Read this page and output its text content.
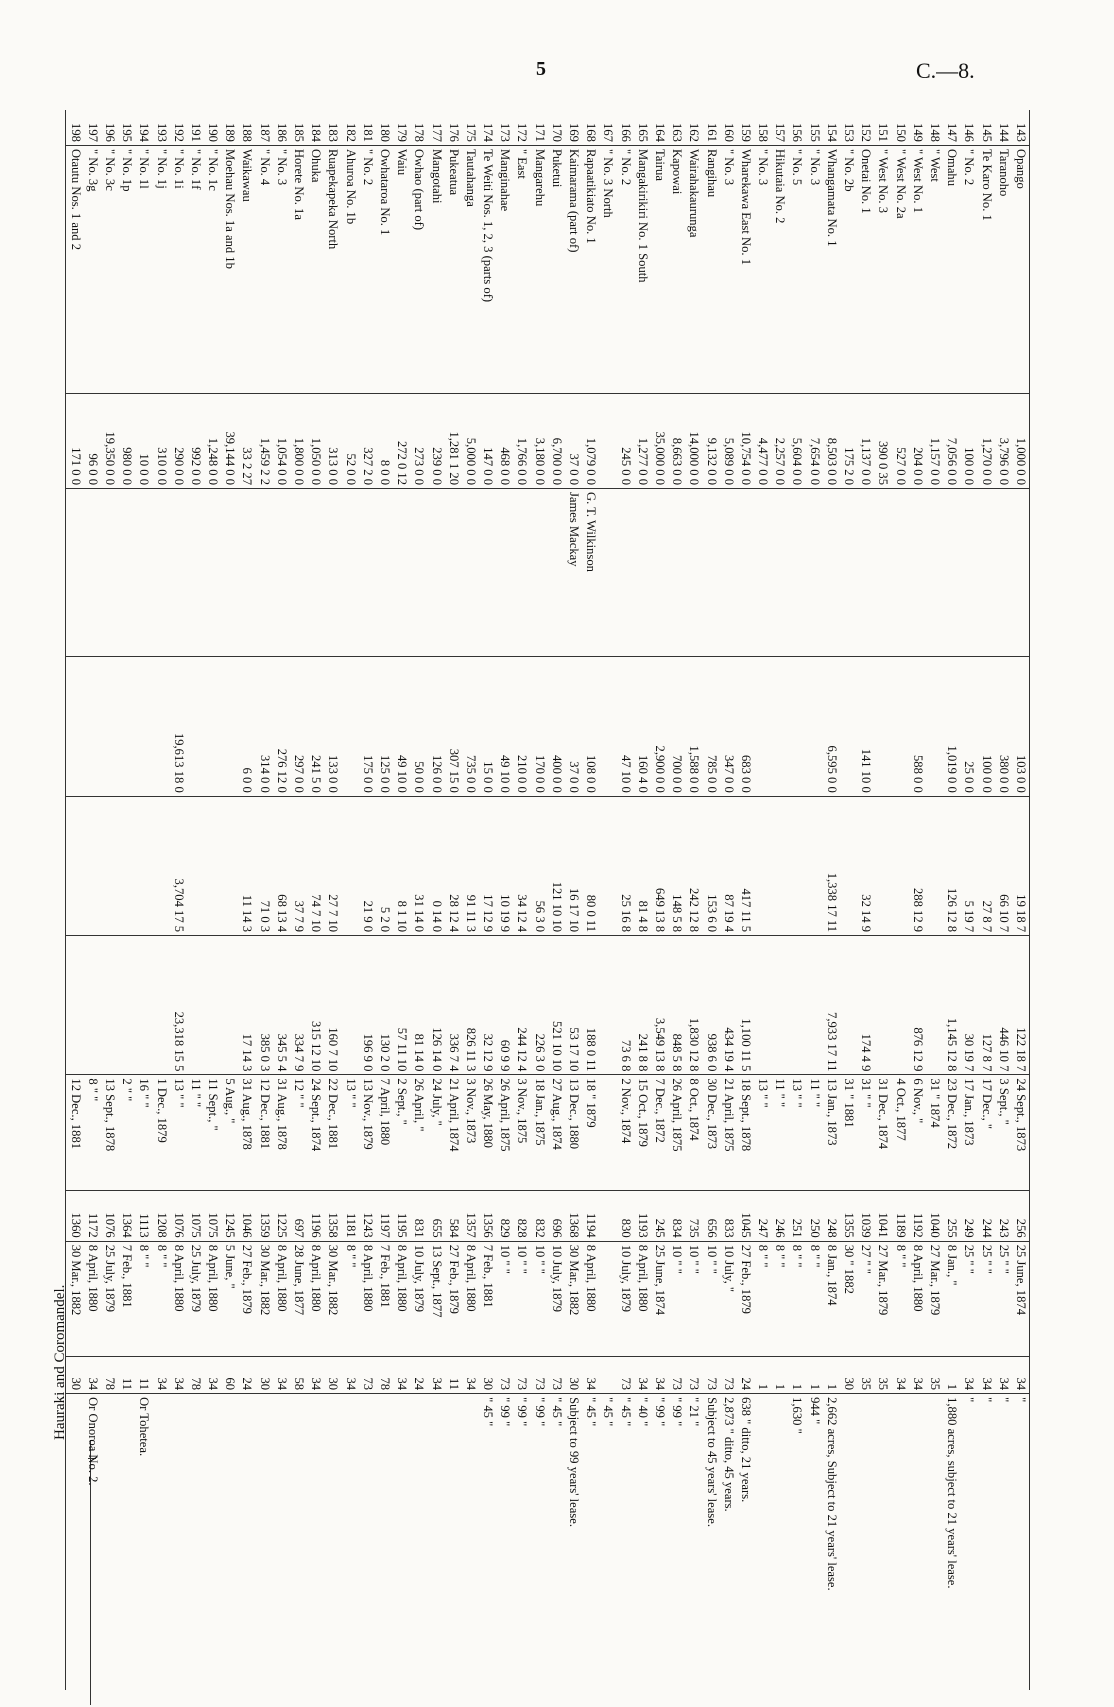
5	C.—8.
Hauraki and Coromandel.
143	Opango	1,000 0 0		103 0 0	19 18 7	122 18 7	24 Sept., 1873	256	25 June, 1874	34	"
144	Taranoho	3,796 0 0		380 0 0	66 10 7	446 10 7	3 Sept., "	243	25 " "	34	"
145	Te Karo No. 1	1,270 0 0		100 0 0	27 8 7	127 8 7	17 Dec., "	244	25 " "	34	"
146	" No. 2	100 0 0		25 0 0	5 19 7	30 19 7	17 Jan., 1873	249	25 " "	34	"
147	Omahu	7,056 0 0		1,019 0 0	126 12 8	1,145 12 8	23 Dec., 1872	255	8 Jan., "	1	1,880 acres, subject to 21 years' lease.
148	" West	1,157 0 0					31 " 1874	1040	27 Mar., 1879	35	
149	" West No. 1	204 0 0		588 0 0	288 12 9	876 12 9	6 Nov., "	1192	8 April, 1880	34	
150	" West No. 2a	527 0 0					4 Oct., 1877	1189	8 " "	34	
151	" West No. 3	390 0 35					31 Dec., 1874	1041	27 Mar., 1879	35	
152	Onetai No. 1	1,137 0 0		141 10 0	32 14 9	174 4 9	31 " "	1039	27 " "	35	
153	" No. 2b	175 2 0					31 " 1881	1355	30 " 1882	30	
154	Whangamata No. 1	8,503 0 0		6,595 0 0	1,338 17 11	7,933 17 11	13 Jan., 1873	248	8 Jan., 1874	1	2,662 acres, Subject to 21 years' lease.
155	" No. 3	7,654 0 0					11 " "	250	8 " "	1	944 "
156	" No. 5	5,604 0 0					13 " "	251	8 " "	1	1,630 "
157	Hikutaia No. 2	2,257 0 0					11 " "	246	8 " "	1	
158	" No. 3	4,477 0 0					13 " "	247	8 " "	1	
159	Wharekawa East No. 1	10,754 0 0		683 0 0	417 11 5	1,100 11 5	18 Sept., 1878	1045	27 Feb., 1879	24	638 " ditto, 21 years.
160	" No. 3	5,089 0 0		347 0 0	87 19 4	434 19 4	21 April, 1875	833	10 July, "	73	2,873 " ditto, 45 years.
161	Rangihau	9,132 0 0		785 0 0	153 6 0	938 6 0	30 Dec., 1873	656	10 " "	73	Subject to 45 years' lease.
162	Wairahakaurunga	14,000 0 0		1,588 0 0	242 12 8	1,830 12 8	8 Oct., 1874	735	10 " "	73	" 21 "
163	Kapowai	8,663 0 0		700 0 0	148 5 8	848 5 8	26 April, 1875	834	10 " "	73	" 99 "
164	Tairua	35,000 0 0		2,900 0 0	649 13 8	3,549 13 8	7 Dec., 1872	245	25 June, 1874	34	" 99 "
165	Mangakirikiri No. 1 South	1,277 0 0		160 4 0	81 4 8	241 8 8	15 Oct., 1879	1193	8 April, 1880	34	" 40 "
166	" No. 2	245 0 0		47 10 0	25 16 8	73 6 8	2 Nov., 1874	830	10 July, 1879	73	" 45 "
167	" No. 3 North										" 45 "
168	Rapaatikiato No. 1	1,079 0 0	G. T. Wilkinson	108 0 0	80 0 11	188 0 11	18 " 1879	1194	8 April, 1880	34	" 45 "
169	Kaimarama (part of)	37 0 0	James Mackay	37 0 0	16 17 10	53 17 10	13 Dec., 1880	1368	30 Mar., 1882	30	Subject to 99 years' lease.
170	Puketui	6,700 0 0		400 0 0	121 10 10	521 10 10	27 Aug., 1874	696	10 July, 1879	73	" 45 "
171	Mangarehu	3,180 0 0		170 0 0	56 3 0	226 3 0	18 Jan., 1875	832	10 " "	73	" 99 "
172	" East	1,766 0 0		210 0 0	34 12 4	244 12 4	3 Nov., 1875	828	10 " "	73	" 99 "
173	Manginahae	468 0 0		49 10 0	10 19 9	60 9 9	26 April, 1875	829	10 " "	73	" 99 "
174	Te Weiti Nos. 1, 2, 3 (parts of)	147 0 0		15 0 0	17 12 9	32 12 9	26 May, 1880	1356	7 Feb., 1881	30	" 45 "
175	Tautahanga	5,000 0 0		735 0 0	91 11 3	826 11 3	3 Nov., 1873	1357	8 April, 1880	34	
176	Pukeatua	1,281 1 20		307 15 0	28 12 4	336 7 4	21 April, 1874	584	27 Feb., 1879	11	
177	Mangotahi	239 0 0		126 0 0	0 14 0	126 14 0	24 July, "	655	13 Sept., 1877	34	
178	Owhao (part of)	273 0 0		50 0 0	31 14 0	81 14 0	26 April, "	831	10 July, 1879	24	
179	Waiu	272 0 12		49 10 0	8 1 10	57 11 10	2 Sept., "	1195	8 April, 1880	34	
180	Owhataroa No. 1	8 0 0		125 0 0	5 2 0	130 2 0	7 April, 1880	1197	7 Feb., 1881	78	
181	" No. 2	327 2 0		175 0 0	21 9 0	196 9 0	13 Nov., 1879	1243	8 April, 1880	73	
182	Ahuroa No. 1b	52 0 0					13 " "	1181	8 " "	34	
183	Ruapekapeka North	313 0 0		133 0 0	27 7 10	160 7 10	22 Dec., 1881	1358	30 Mar., 1882	30	
184	Ohuka	1,050 0 0		241 5 0	74 7 10	315 12 10	24 Sept., 1874	1196	8 April, 1880	34	
185	Horete No. 1a	1,800 0 0		297 0 0	37 7 9	334 7 9	12 " "	697	28 June, 1877	58	
186	" No. 3	1,054 0 0		276 12 0	68 13 4	345 5 4	31 Aug., 1878	1225	8 April, 1880	34	
187	" No. 4	1,459 2 2		314 0 0	71 0 3	385 0 3	12 Dec., 1881	1359	30 Mar., 1882	30	
188	Waikawau	33 2 27		6 0 0	11 14 3	17 14 3	31 Aug., 1878	1046	27 Feb., 1879	24	
189	Moehau Nos. 1a and 1b	39,144 0 0					5 Aug., "	1245	5 June, "	60	
190	" No. 1c	1,248 0 0					11 Sept., "	1075	8 April, 1880	34	
191	" No. 1f	992 0 0					11 " "	1075	25 July, 1879	78	
192	" No. 1i	290 0 0		19,613 18 0	3,704 17 5	23,318 15 5	13 " "	1076	8 April, 1880	34	
193	" No. 1j	310 0 0					1 Dec., 1879	1208	8 " "	34	
194	" No. 1l	10 0 0					16 " "	1113	8 " "	11	Or Tohetea.
195	" No. 1p	980 0 0					2 " "	1364	7 Feb., 1881	11	
196	" No. 3c	19,350 0 0					13 Sept., 1878	1076	25 July, 1879	78	
197	" No. 3g	96 0 0					8 " "	1172	8 April, 1880	34	Or Onoroa No. 2.
198	Otautu Nos. 1 and 2	171 0 0					12 Dec., 1881	1360	30 Mar., 1882	30	
